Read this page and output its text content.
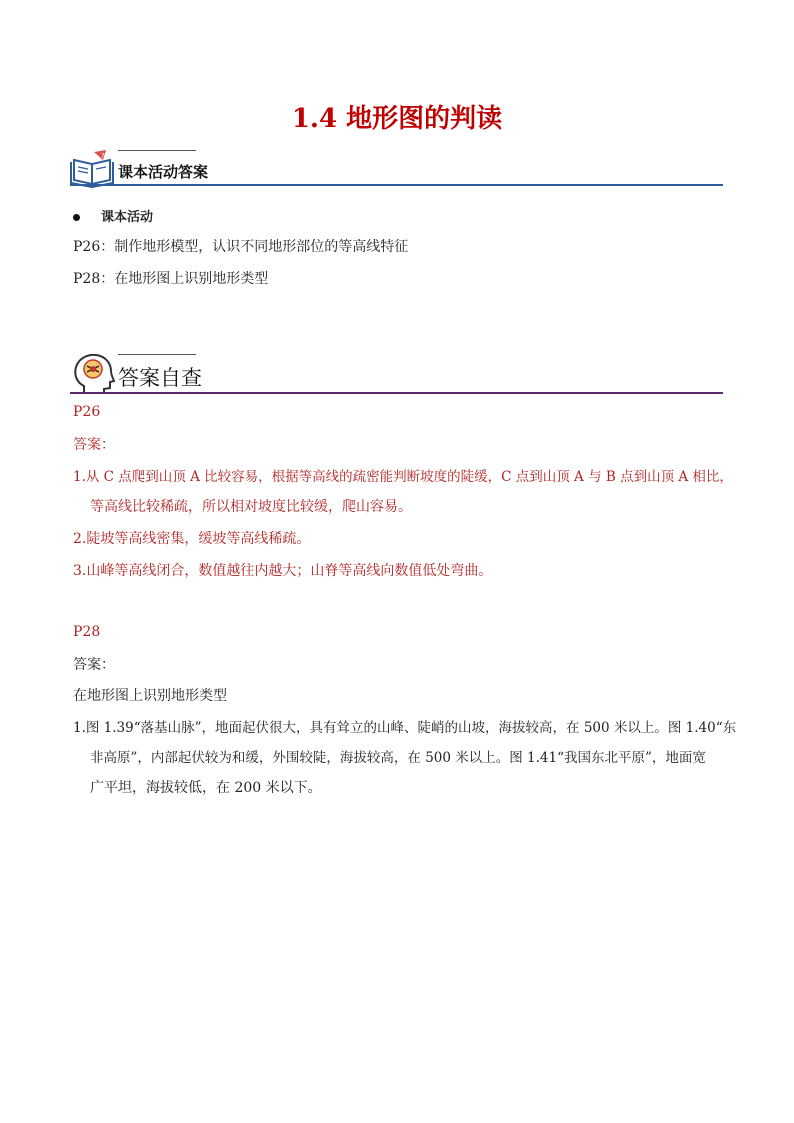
1.4 地形图的判读
?
课本活动答案
课本活动
P26：制作地形模型，认识不同地形部位的等高线特征
P28：在地形图上识别地形类型
答案自查
P26
答案：
1.从 C 点爬到山顶 A 比较容易，根据等高线的疏密能判断坡度的陡缓，C 点到山顶 A 与 B 点到山顶 A 相比，
等高线比较稀疏，所以相对坡度比较缓，爬山容易。
2.陡坡等高线密集，缓坡等高线稀疏。
3.山峰等高线闭合，数值越往内越大；山脊等高线向数值低处弯曲。
P28
答案：
在地形图上识别地形类型
1.图 1.39“落基山脉”，地面起伏很大，具有耸立的山峰、陡峭的山坡，海拔较高，在 500 米以上。图 1.40“东
非高原”，内部起伏较为和缓，外围较陡，海拔较高，在 500 米以上。图 1.41“我国东北平原”，地面宽
广平坦，海拔较低，在 200 米以下。
